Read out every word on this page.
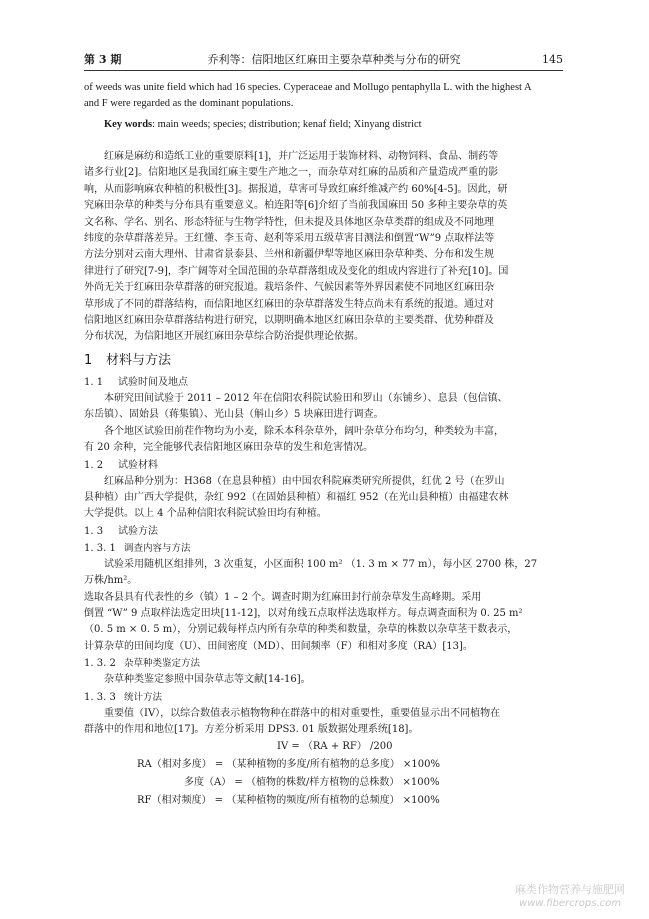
第 3 期	乔利等：信阳地区红麻田主要杂草种类与分布的研究	145

of weeds was unite field which had 16 species. Cyperaceae and Mollugo pentaphylla L. with the highest A

and F were regarded as the dominant populations.

Key words: main weeds; species; distribution; kenaf field; Xinyang district

红麻是麻纺和造纸工业的重要原料[1]，并广泛运用于装饰材料、动物饲料、食品、制药等

诸多行业[2]。信阳地区是我国红麻主要生产地之一，而杂草对红麻的品质和产量造成严重的影

响，从而影响麻农种植的积极性[3]。据报道，草害可导致红麻纤维减产约 60%[4-5]。因此，研

究麻田杂草的种类与分布具有重要意义。柏连阳等[6]介绍了当前我国麻田 50 多种主要杂草的英

文名称、学名、别名、形态特征与生物学特性，但未提及具体地区杂草类群的组成及不同地理

纬度的杂草群落差异。王红懂、李玉奇、赵利等采用五级草害目测法和倒置“W”9 点取样法等

方法分别对云南大理州、甘肃省景泰县、兰州和新疆伊犁等地区麻田杂草种类、分布和发生规

律进行了研究[7-9]，李广阔等对全国范围的杂草群落组成及变化的组成内容进行了补充[10]。国

外尚无关于红麻田杂草群落的研究报道。栽培条件、气候因素等外界因素使不同地区红麻田杂

草形成了不同的群落结构，而信阳地区红麻田的杂草群落发生特点尚未有系统的报道。通过对

信阳地区红麻田杂草群落结构进行研究，以期明确本地区红麻田杂草的主要类群、优势种群及

分布状况，为信阳地区开展红麻田杂草综合防治提供理论依据。

1 材料与方法
1. 1 试验时间及地点

本研究田间试验于 2011 – 2012 年在信阳农科院试验田和罗山（东铺乡）、息县（包信镇、

东岳镇）、固始县（蒋集镇）、光山县（斛山乡）5 块麻田进行调查。

各个地区试验田前茬作物均为小麦，除禾本科杂草外，阔叶杂草分布均匀，种类较为丰富，

有 20 余种，完全能够代表信阳地区麻田杂草的发生和危害情况。

1. 2 试验材料

红麻品种分别为：H368（在息县种植）由中国农科院麻类研究所提供，红优 2 号（在罗山

县种植）由广西大学提供，杂红 992（在固始县种植）和福红 952（在光山县种植）由福建农林

大学提供。以上 4 个品种信阳农科院试验田均有种植。

1. 3 试验方法
1. 3. 1 调查内容与方法

试验采用随机区组排列，3 次重复，小区面积 100 m² （1. 3 m × 77 m），每小区 2700 株，27

万株/hm²。

选取各县具有代表性的乡（镇）1 – 2 个。调查时期为红麻田封行前杂草发生高峰期。采用

倒置 “W” 9 点取样法选定田块[11-12]，以对角线五点取样法选取样方。每点调查面积为 0. 25 m²

（0. 5 m × 0. 5 m），分别记载每样点内所有杂草的种类和数量，杂草的株数以杂草茎干数表示，

计算杂草的田间均度（U）、田间密度（MD）、田间频率（F）和相对多度（RA）[13]。

1. 3. 2 杂草种类鉴定方法

杂草种类鉴定参照中国杂草志等文献[14-16]。

1. 3. 3 统计方法

重要值（IV），以综合数值表示植物物种在群落中的相对重要性，重要值显示出不同植物在

群落中的作用和地位[17]。方差分析采用 DPS3. 01 版数据处理系统[18]。

IV = （RA + RF） /200
RA（相对多度） = （某种植物的多度/所有植物的总多度） ×100%
多度（A） = （植物的株数/样方植物的总株数） ×100%
RF（相对频度） = （某种植物的频度/所有植物的总频度） ×100%
麻类作物营养与施肥网
www.fibercrops.com
